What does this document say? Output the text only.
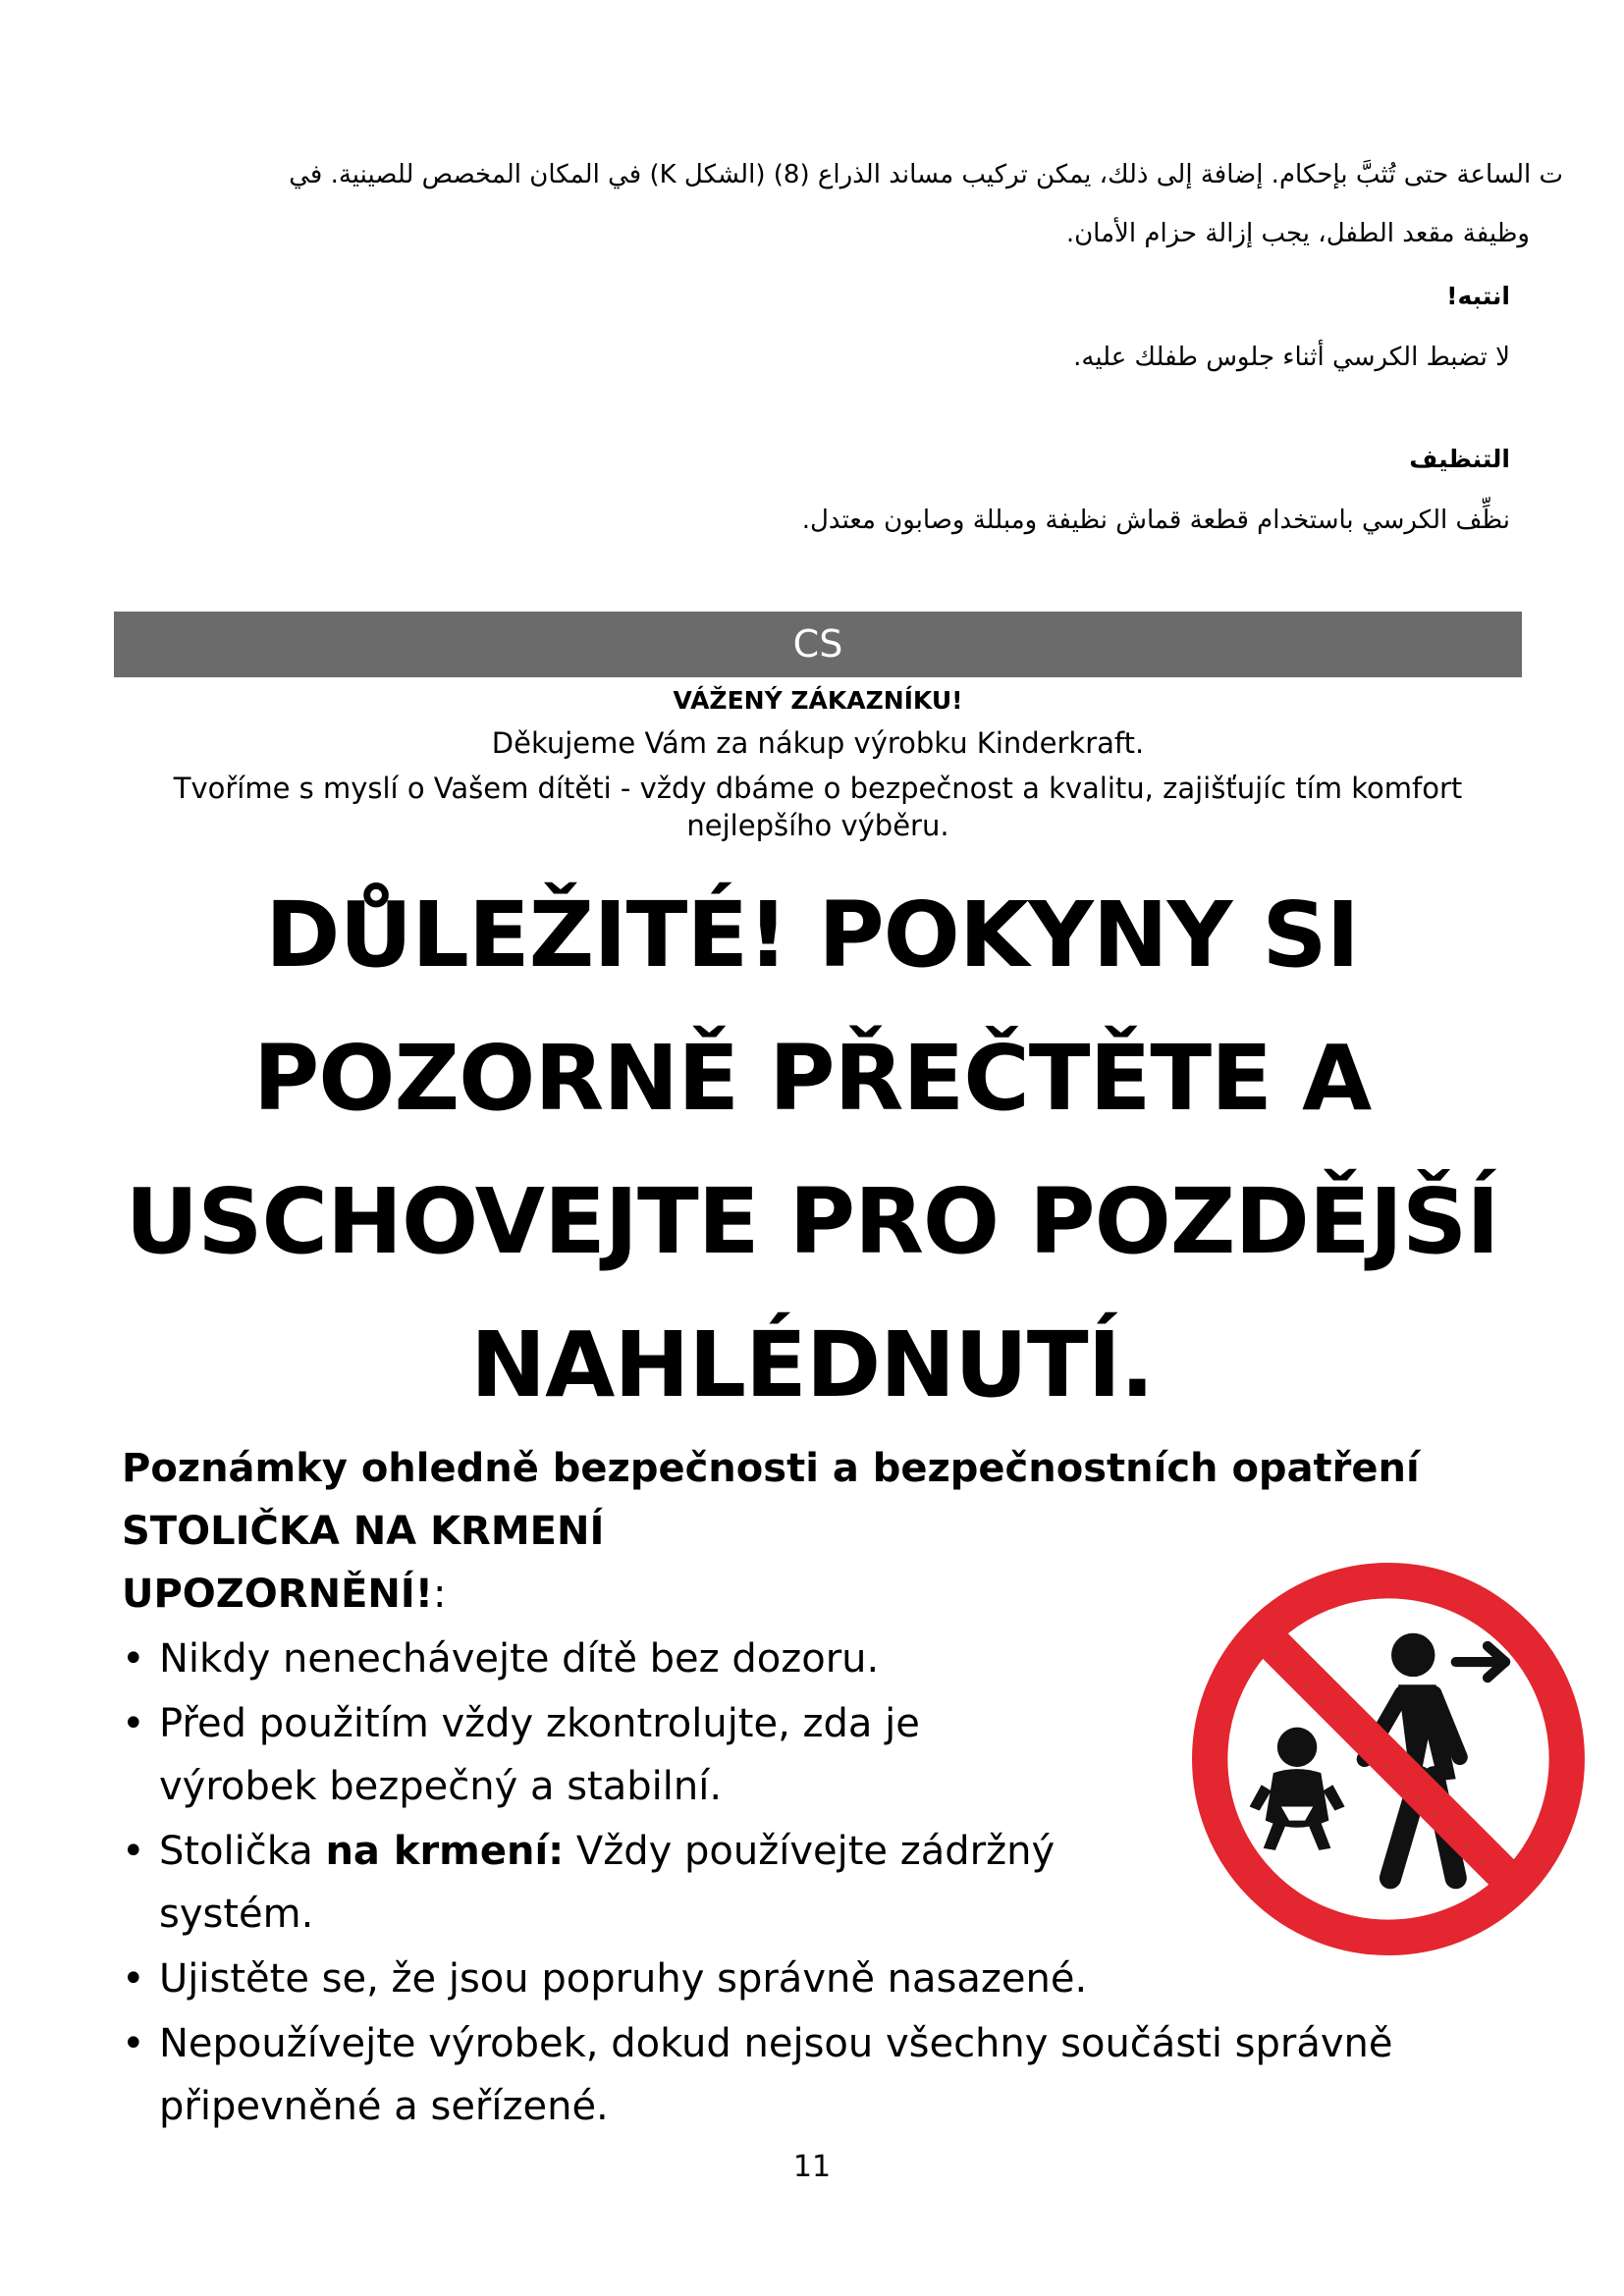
ت الساعة حتى تُثبَّ بإحكام. إضافة إلى ذلك، يمكن تركيب مساند الذراع (8) (الشكل K) في المكان المخصص للصينية. في
وظيفة مقعد الطفل، يجب إزالة حزام الأمان.
انتبه!
لا تضبط الكرسي أثناء جلوس طفلك عليه.
التنظيف
نظِّف الكرسي باستخدام قطعة قماش نظيفة ومبللة وصابون معتدل.
CS
VÁŽENÝ ZÁKAZNÍKU!
Děkujeme Vám za nákup výrobku Kinderkraft.
Tvoříme s myslí o Vašem dítěti - vždy dbáme o bezpečnost a kvalitu, zajišťujíc tím komfort nejlepšího výběru.
DŮLEŽITÉ! POKYNY SI POZORNĚ PŘEČTĚTE A USCHOVEJTE PRO POZDĚJŠÍ NAHLÉDNUTÍ.
Poznámky ohledně bezpečnosti a bezpečnostních opatření
STOLIČKA NA KRMENÍ
UPOZORNĚNÍ!:
• Nikdy nenechávejte dítě bez dozoru.
• Před použitím vždy zkontrolujte, zda je výrobek bezpečný a stabilní.
• Stolička na krmení: Vždy používejte zádržný systém.
• Ujistěte se, že jsou popruhy správně nasazené.
• Nepoužívejte výrobek, dokud nejsou všechny součásti správně připevněné a seřízené.
11
